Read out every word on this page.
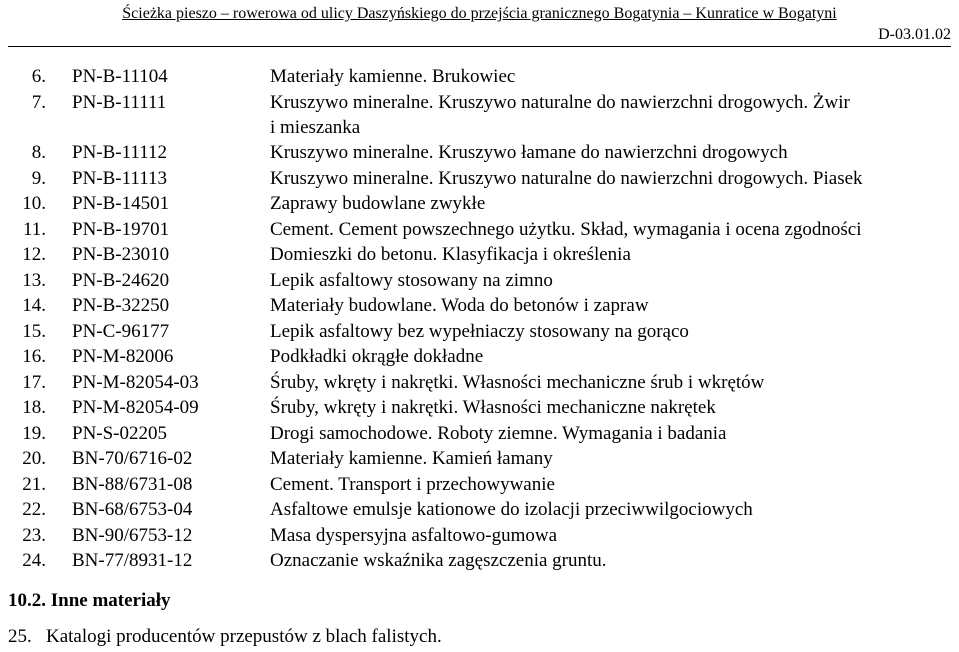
Ścieżka pieszo – rowerowa od ulicy Daszyńskiego do przejścia granicznego Bogatynia – Kunratice w Bogatyni
D-03.01.02
6. PN-B-11104	Materiały kamienne. Brukowiec
7. PN-B-11111	Kruszywo mineralne. Kruszywo naturalne do nawierzchni drogowych. Żwir
i mieszanka
8. PN-B-11112	Kruszywo mineralne. Kruszywo łamane do nawierzchni drogowych
9. PN-B-11113	Kruszywo mineralne. Kruszywo naturalne do nawierzchni drogowych. Piasek
10. PN-B-14501	Zaprawy budowlane zwykłe
11. PN-B-19701	Cement. Cement powszechnego użytku. Skład, wymagania i ocena zgodności
12. PN-B-23010	Domieszki do betonu. Klasyfikacja i określenia
13. PN-B-24620	Lepik asfaltowy stosowany na zimno
14. PN-B-32250	Materiały budowlane. Woda do betonów i zapraw
15. PN-C-96177	Lepik asfaltowy bez wypełniaczy stosowany na gorąco
16. PN-M-82006	Podkładki okrągłe dokładne
17. PN-M-82054-03	Śruby, wkręty i nakrętki. Własności mechaniczne śrub i wkrętów
18. PN-M-82054-09	Śruby, wkręty i nakrętki. Własności mechaniczne nakrętek
19. PN-S-02205	Drogi samochodowe. Roboty ziemne. Wymagania i badania
20. BN-70/6716-02	Materiały kamienne. Kamień łamany
21. BN-88/6731-08	Cement. Transport i przechowywanie
22. BN-68/6753-04	Asfaltowe emulsje kationowe do izolacji przeciwwilgociowych
23. BN-90/6753-12	Masa dyspersyjna asfaltowo-gumowa
24. BN-77/8931-12	Oznaczanie wskaźnika zagęszczenia gruntu.
10.2. Inne materiały
25. Katalogi producentów przepustów z blach falistych.
